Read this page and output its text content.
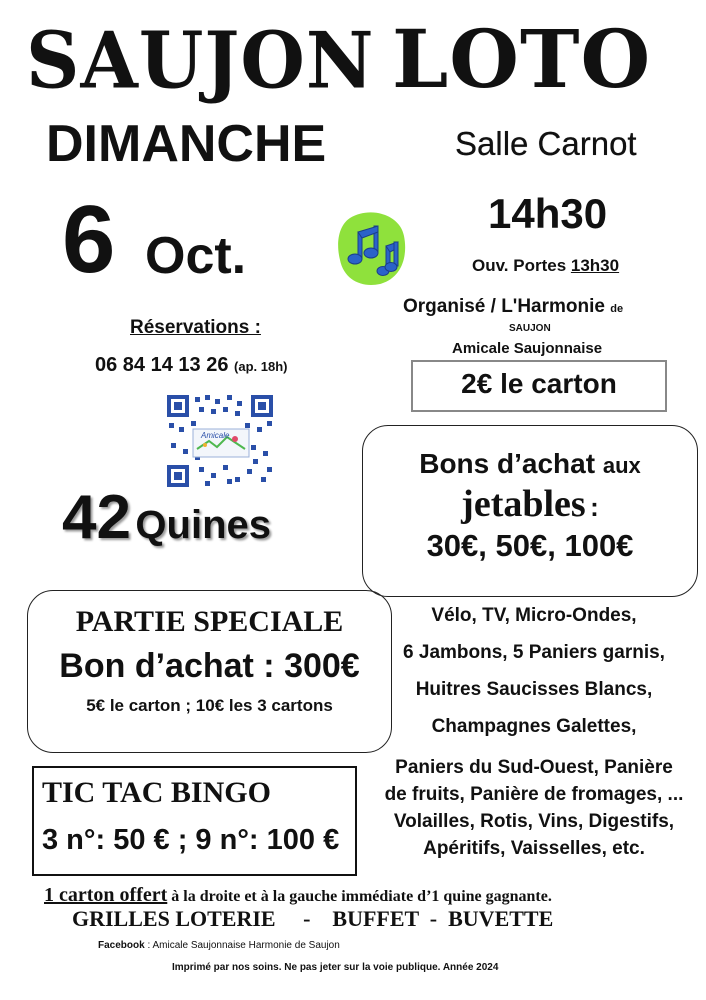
SAUJON LOTO
DIMANCHE
6 Oct.
Salle Carnot
14h30
Ouv. Portes 13h30
Organisé / L'Harmonie de
SAUJON
Amicale Saujonnaise
Réservations :
06 84 14 13 26 (ap. 18h)
Amicale
2€ le carton
42 Quines
Bons d’achat aux
jetables :
30€, 50€, 100€
PARTIE SPECIALE
Bon d’achat : 300€
5€ le carton ; 10€ les 3 cartons
Vélo, TV, Micro-Ondes,
6 Jambons, 5 Paniers garnis,
Huitres Saucisses Blancs,
Champagnes Galettes,
Paniers du Sud-Ouest, Panière
de fruits, Panière de fromages, ...
Volailles, Rotis, Vins, Digestifs,
Apéritifs, Vaisselles, etc.
TIC TAC BINGO
3 n°: 50 € ; 9 n°: 100 €
1 carton offert à la droite et à la gauche immédiate d’1 quine gagnante.
GRILLES LOTERIE     -    BUFFET  -  BUVETTE
Facebook : Amicale Saujonnaise Harmonie de Saujon
Imprimé par nos soins. Ne pas jeter sur la voie publique. Année 2024
